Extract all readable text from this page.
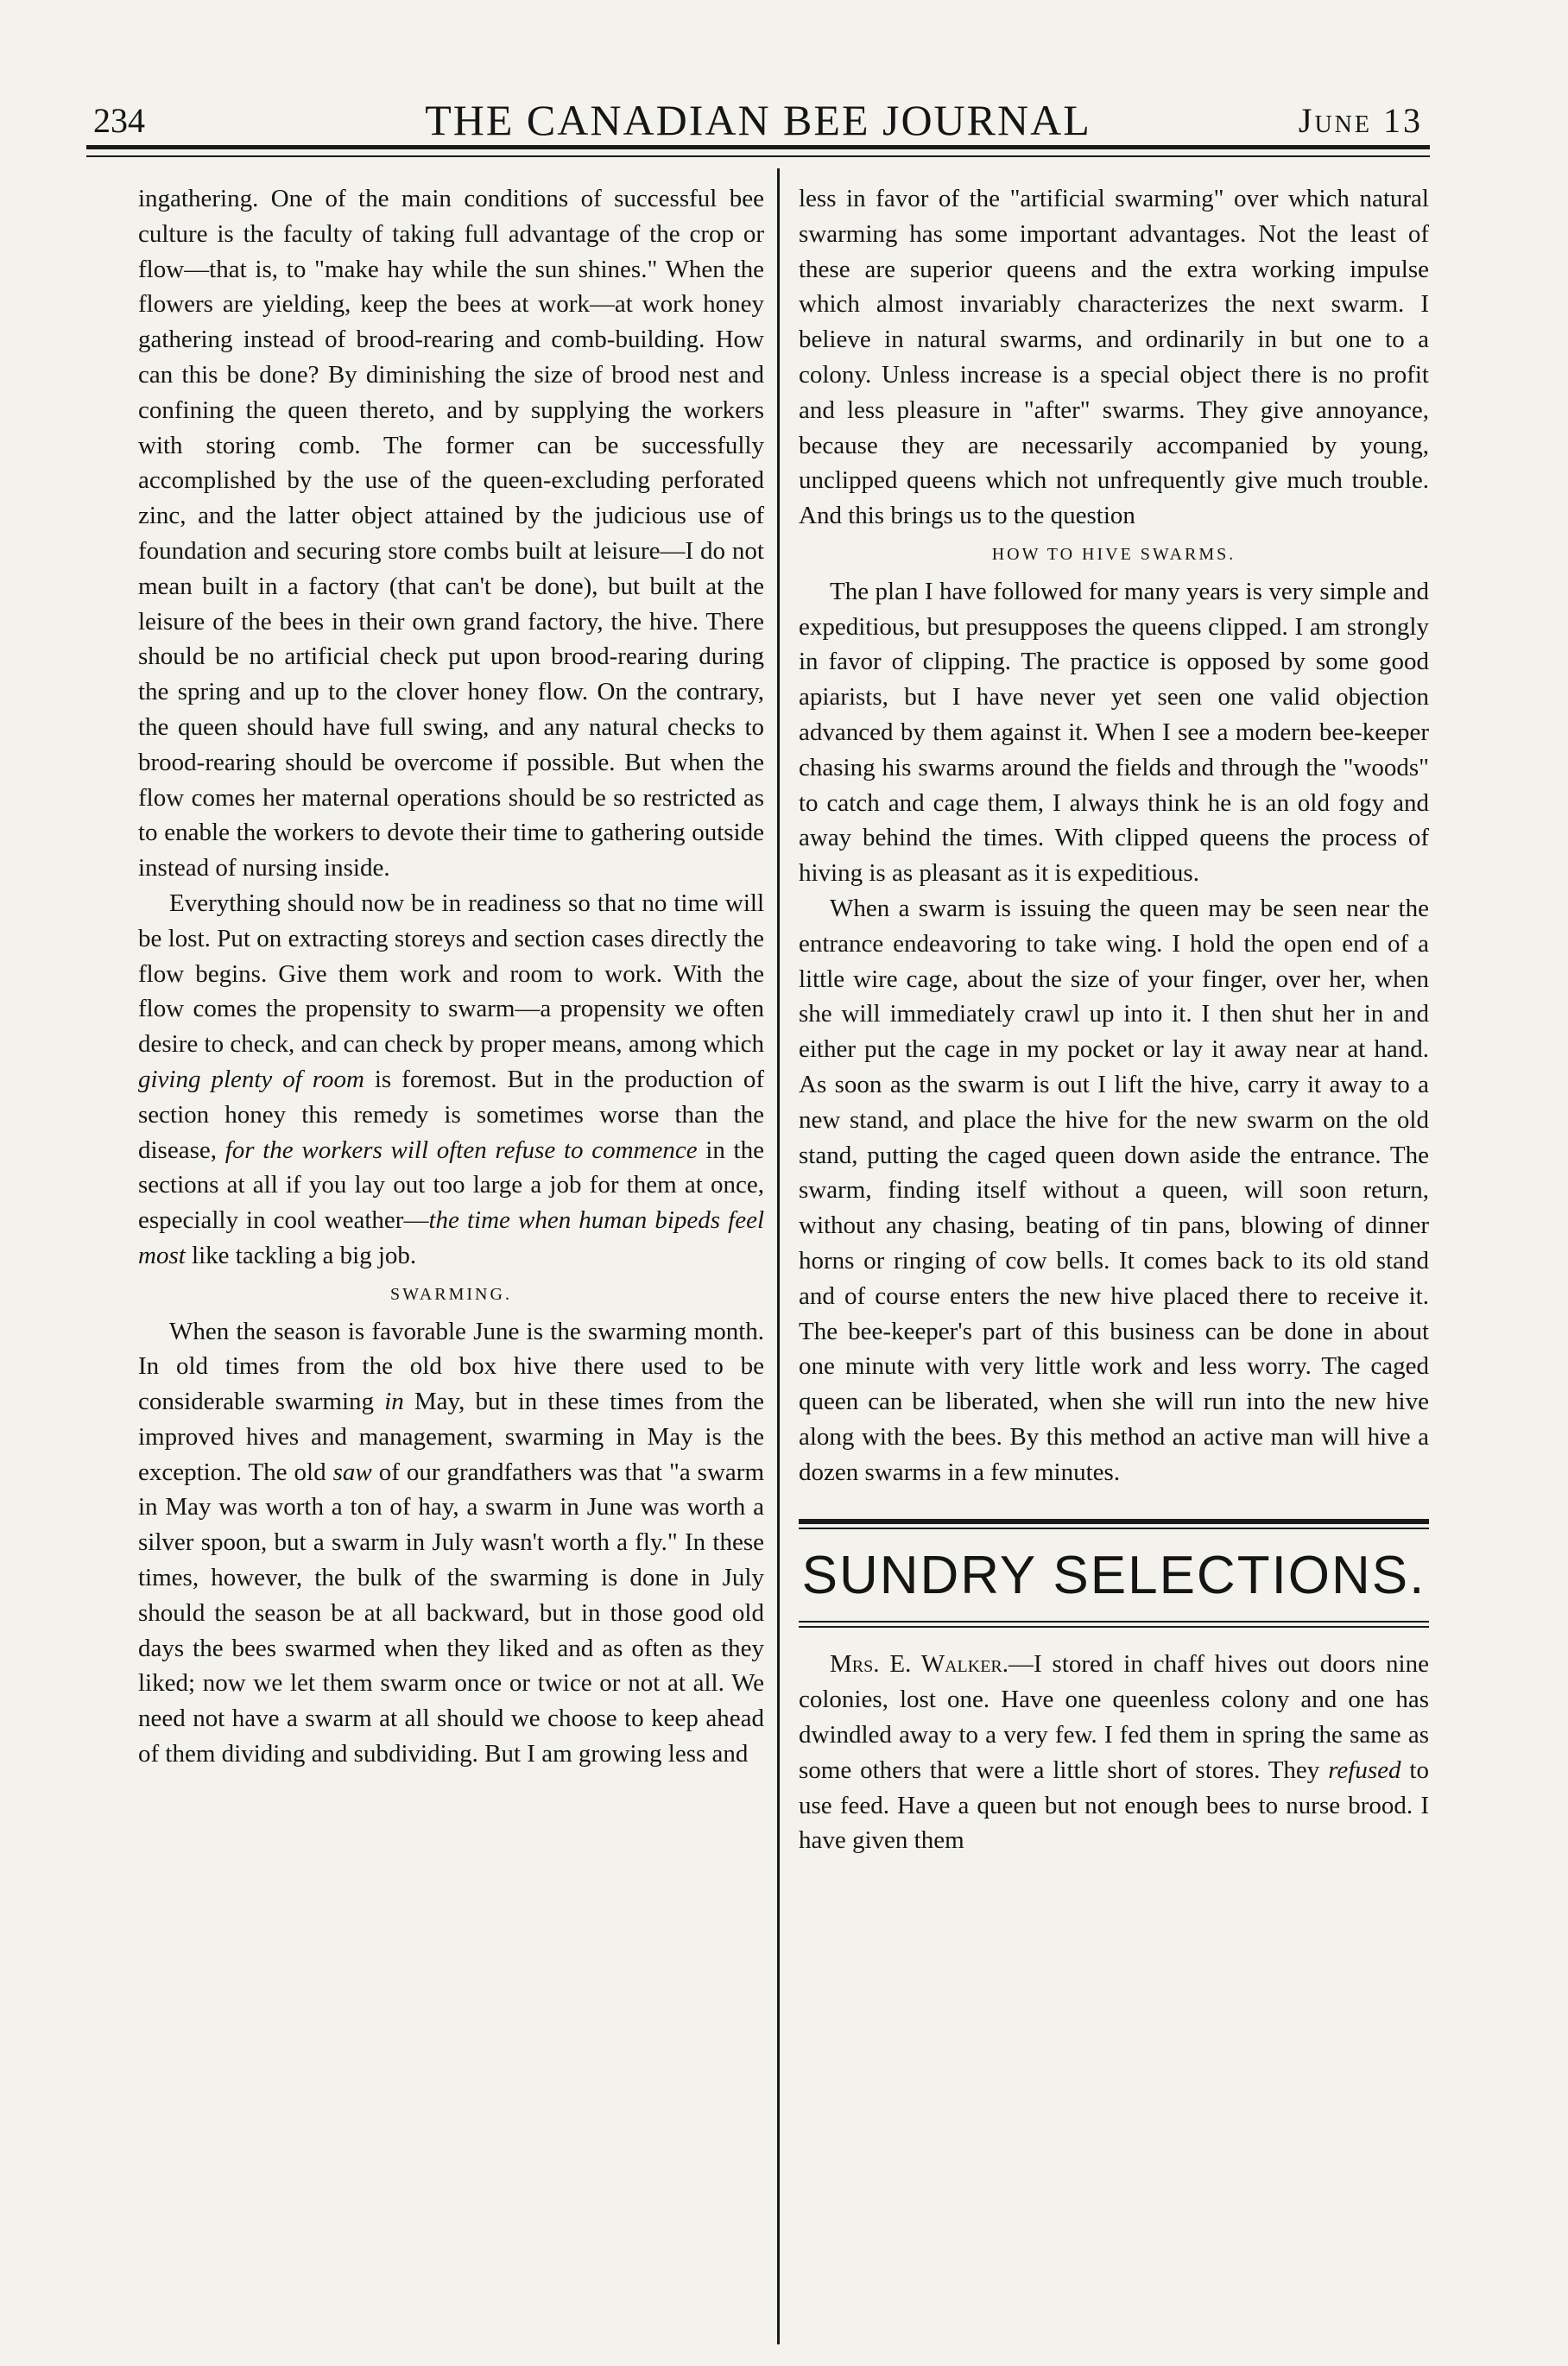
234	THE CANADIAN BEE JOURNAL	June 13

ingathering. One of the main conditions of successful bee culture is the faculty of taking full advantage of the crop or flow—that is, to "make hay while the sun shines." When the flowers are yielding, keep the bees at work—at work honey gathering instead of brood-rearing and comb-building. How can this be done? By diminishing the size of brood nest and confining the queen thereto, and by supplying the workers with storing comb. The former can be successfully accomplished by the use of the queen-excluding perforated zinc, and the latter object attained by the judicious use of foundation and securing store combs built at leisure—I do not mean built in a factory (that can't be done), but built at the leisure of the bees in their own grand factory, the hive. There should be no artificial check put upon brood-rearing during the spring and up to the clover honey flow. On the contrary, the queen should have full swing, and any natural checks to brood-rearing should be overcome if possible. But when the flow comes her maternal operations should be so restricted as to enable the workers to devote their time to gathering outside instead of nursing inside.

Everything should now be in readiness so that no time will be lost. Put on extracting storeys and section cases directly the flow begins. Give them work and room to work. With the flow comes the propensity to swarm—a propensity we often desire to check, and can check by proper means, among which giving plenty of room is foremost. But in the production of section honey this remedy is sometimes worse than the disease, for the workers will often refuse to commence in the sections at all if you lay out too large a job for them at once, especially in cool weather—the time when human bipeds feel most like tackling a big job.

SWARMING.

When the season is favorable June is the swarming month. In old times from the old box hive there used to be considerable swarming in May, but in these times from the improved hives and management, swarming in May is the exception. The old saw of our grandfathers was that "a swarm in May was worth a ton of hay, a swarm in June was worth a silver spoon, but a swarm in July wasn't worth a fly." In these times, however, the bulk of the swarming is done in July should the season be at all backward, but in those good old days the bees swarmed when they liked and as often as they liked; now we let them swarm once or twice or not at all. We need not have a swarm at all should we choose to keep ahead of them dividing and subdividing. But I am growing less and

less in favor of the "artificial swarming" over which natural swarming has some important advantages. Not the least of these are superior queens and the extra working impulse which almost invariably characterizes the next swarm. I believe in natural swarms, and ordinarily in but one to a colony. Unless increase is a special object there is no profit and less pleasure in "after" swarms. They give annoyance, because they are necessarily accompanied by young, unclipped queens which not unfrequently give much trouble. And this brings us to the question

HOW TO HIVE SWARMS.

The plan I have followed for many years is very simple and expeditious, but presupposes the queens clipped. I am strongly in favor of clipping. The practice is opposed by some good apiarists, but I have never yet seen one valid objection advanced by them against it. When I see a modern bee-keeper chasing his swarms around the fields and through the "woods" to catch and cage them, I always think he is an old fogy and away behind the times. With clipped queens the process of hiving is as pleasant as it is expeditious.

When a swarm is issuing the queen may be seen near the entrance endeavoring to take wing. I hold the open end of a little wire cage, about the size of your finger, over her, when she will immediately crawl up into it. I then shut her in and either put the cage in my pocket or lay it away near at hand. As soon as the swarm is out I lift the hive, carry it away to a new stand, and place the hive for the new swarm on the old stand, putting the caged queen down aside the entrance. The swarm, finding itself without a queen, will soon return, without any chasing, beating of tin pans, blowing of dinner horns or ringing of cow bells. It comes back to its old stand and of course enters the new hive placed there to receive it. The bee-keeper's part of this business can be done in about one minute with very little work and less worry. The caged queen can be liberated, when she will run into the new hive along with the bees. By this method an active man will hive a dozen swarms in a few minutes.

SUNDRY SELECTIONS.

Mrs. E. Walker.—I stored in chaff hives out doors nine colonies, lost one. Have one queenless colony and one has dwindled away to a very few. I fed them in spring the same as some others that were a little short of stores. They refused to use feed. Have a queen but not enough bees to nurse brood. I have given them
